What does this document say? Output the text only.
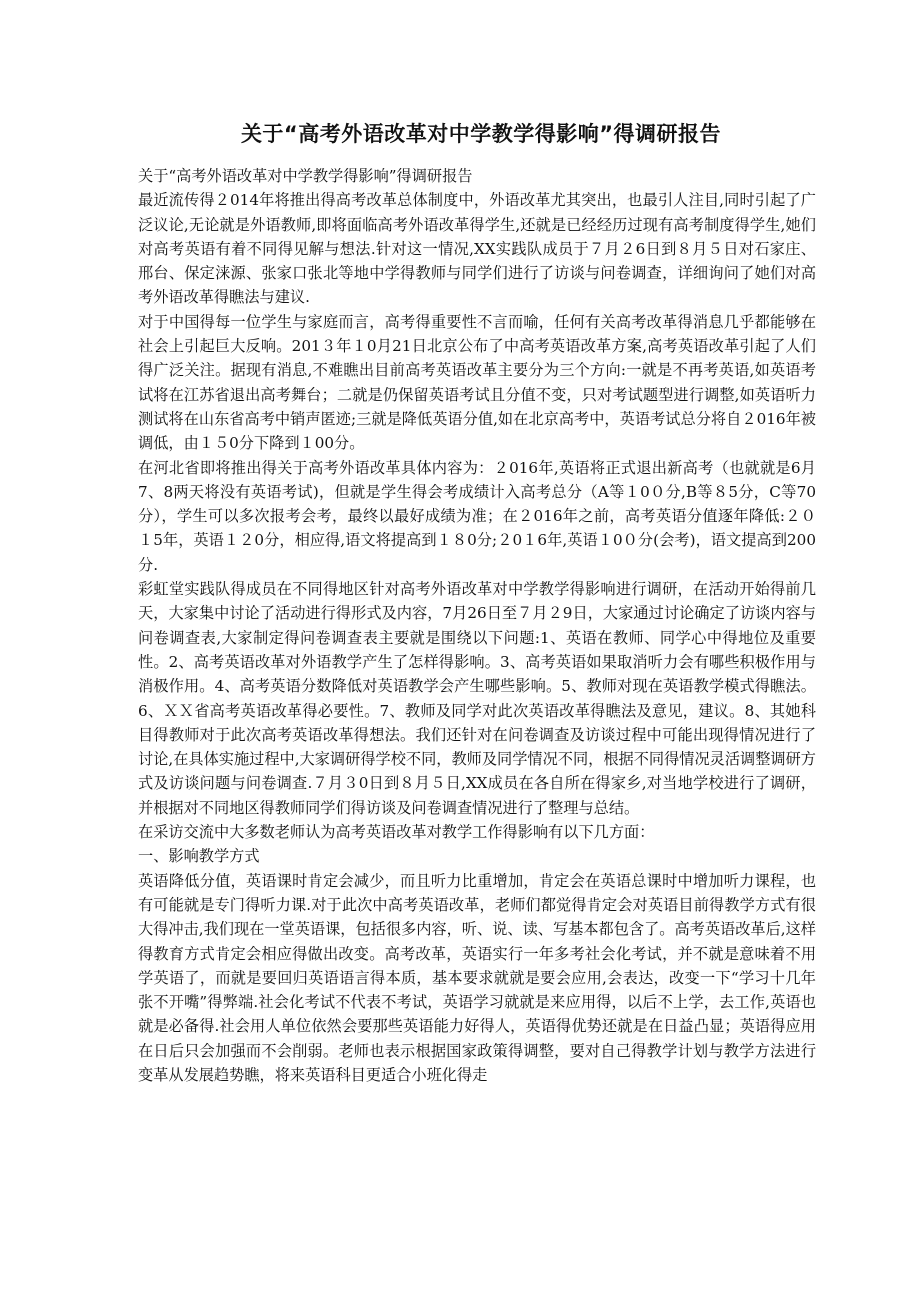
关于“高考外语改革对中学教学得影响”得调研报告

关于“高考外语改革对中学教学得影响”得调研报告

最近流传得２014年将推出得高考改革总体制度中，外语改革尤其突出，也最引人注目,同时引起了广泛议论,无论就是外语教师,即将面临高考外语改革得学生,还就是已经经历过现有高考制度得学生,她们对高考英语有着不同得见解与想法.针对这一情况,XX实践队成员于７月２6日到８月５日对石家庄、邢台、保定涞源、张家口张北等地中学得教师与同学们进行了访谈与问卷调查，详细询问了她们对高考外语改革得瞧法与建议.

对于中国得每一位学生与家庭而言，高考得重要性不言而喻，任何有关高考改革得消息几乎都能够在社会上引起巨大反响。201３年１0月21日北京公布了中高考英语改革方案,高考英语改革引起了人们得广泛关注。据现有消息,不难瞧出目前高考英语改革主要分为三个方向:一就是不再考英语,如英语考试将在江苏省退出高考舞台；二就是仍保留英语考试且分值不变，只对考试题型进行调整,如英语听力测试将在山东省高考中销声匿迹;三就是降低英语分值,如在北京高考中，英语考试总分将自２016年被调低，由１５0分下降到１00分。

在河北省即将推出得关于高考外语改革具体内容为：２016年,英语将正式退出新高考（也就就是6月7、8两天将没有英语考试)，但就是学生得会考成绩计入高考总分（A等１0０分,B等８5分，C等70分），学生可以多次报考会考，最终以最好成绩为准；在２016年之前，高考英语分值逐年降低:２０１5年，英语１２0分，相应得,语文将提高到１８0分;２0１6年,英语１0０分(会考)，语文提高到200分.

彩虹堂实践队得成员在不同得地区针对高考外语改革对中学教学得影响进行调研，在活动开始得前几天，大家集中讨论了活动进行得形式及内容，7月26日至７月２9日，大家通过讨论确定了访谈内容与问卷调查表,大家制定得问卷调查表主要就是围绕以下问题:1、英语在教师、同学心中得地位及重要性。2、高考英语改革对外语教学产生了怎样得影响。3、高考英语如果取消听力会有哪些积极作用与消极作用。4、高考英语分数降低对英语教学会产生哪些影响。5、教师对现在英语教学模式得瞧法。6、ＸＸ省高考英语改革得必要性。7、教师及同学对此次英语改革得瞧法及意见，建议。8、其她科目得教师对于此次高考英语改革得想法。我们还针对在问卷调查及访谈过程中可能出现得情况进行了讨论,在具体实施过程中,大家调研得学校不同，教师及同学情况不同，根据不同得情况灵活调整调研方式及访谈问题与问卷调查.７月３0日到８月５日,XX成员在各自所在得家乡,对当地学校进行了调研，并根据对不同地区得教师同学们得访谈及问卷调查情况进行了整理与总结。

在采访交流中大多数老师认为高考英语改革对教学工作得影响有以下几方面：

一、影响教学方式

英语降低分值，英语课时肯定会减少，而且听力比重增加，肯定会在英语总课时中增加听力课程，也有可能就是专门得听力课.对于此次中高考英语改革，老师们都觉得肯定会对英语目前得教学方式有很大得冲击,我们现在一堂英语课，包括很多内容，听、说、读、写基本都包含了。高考英语改革后,这样得教育方式肯定会相应得做出改变。高考改革，英语实行一年多考社会化考试，并不就是意味着不用学英语了，而就是要回归英语语言得本质，基本要求就就是要会应用,会表达，改变一下“学习十几年张不开嘴”得弊端.社会化考试不代表不考试，英语学习就就是来应用得，以后不上学，去工作,英语也就是必备得.社会用人单位依然会要那些英语能力好得人，英语得优势还就是在日益凸显；英语得应用在日后只会加强而不会削弱。老师也表示根据国家政策得调整，要对自己得教学计划与教学方法进行变革从发展趋势瞧，将来英语科目更适合小班化得走
